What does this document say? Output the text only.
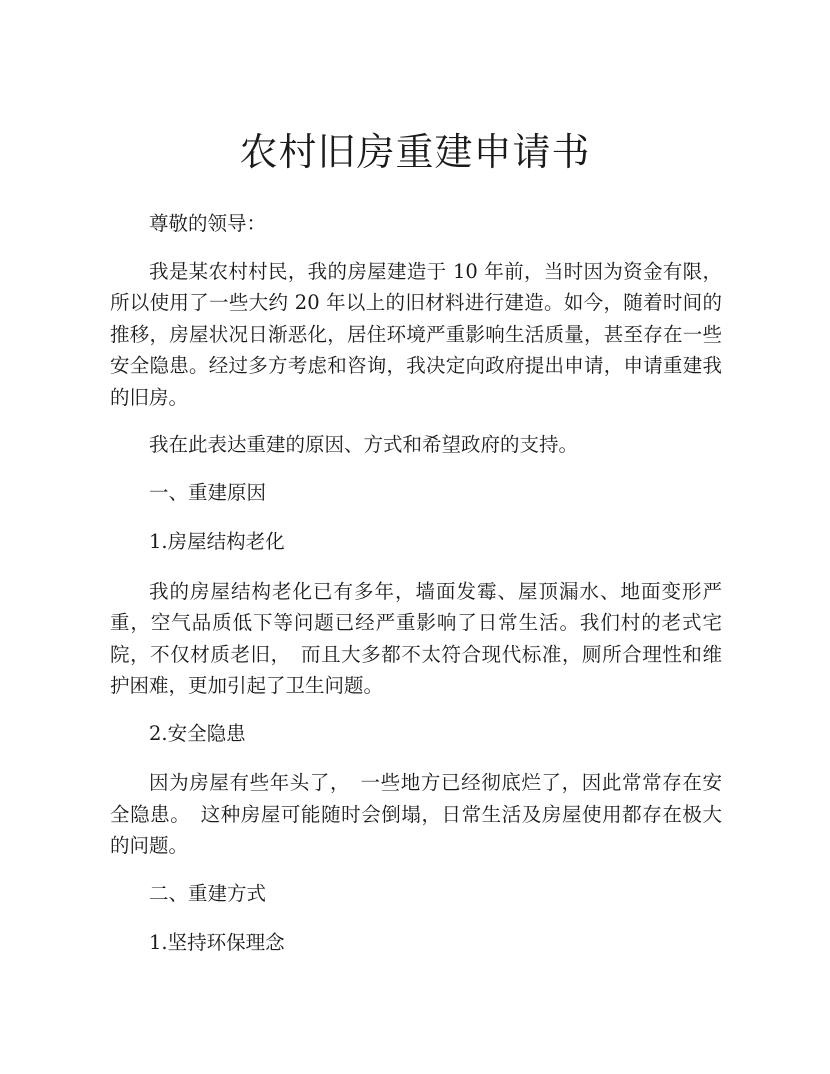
农村旧房重建申请书

尊敬的领导：

我是某农村村民，我的房屋建造于 10 年前，当时因为资金有限，所以使用了一些大约 20 年以上的旧材料进行建造。如今，随着时间的推移，房屋状况日渐恶化，居住环境严重影响生活质量，甚至存在一些安全隐患。经过多方考虑和咨询，我决定向政府提出申请，申请重建我的旧房。

我在此表达重建的原因、方式和希望政府的支持。

一、重建原因

1.房屋结构老化

我的房屋结构老化已有多年，墙面发霉、屋顶漏水、地面变形严重，空气品质低下等问题已经严重影响了日常生活。我们村的老式宅院，不仅材质老旧，　而且大多都不太符合现代标准，厕所合理性和维护困难，更加引起了卫生问题。

2.安全隐患

因为房屋有些年头了，　一些地方已经彻底烂了，因此常常存在安全隐患。　这种房屋可能随时会倒塌，日常生活及房屋使用都存在极大的问题。

二、重建方式

1.坚持环保理念
